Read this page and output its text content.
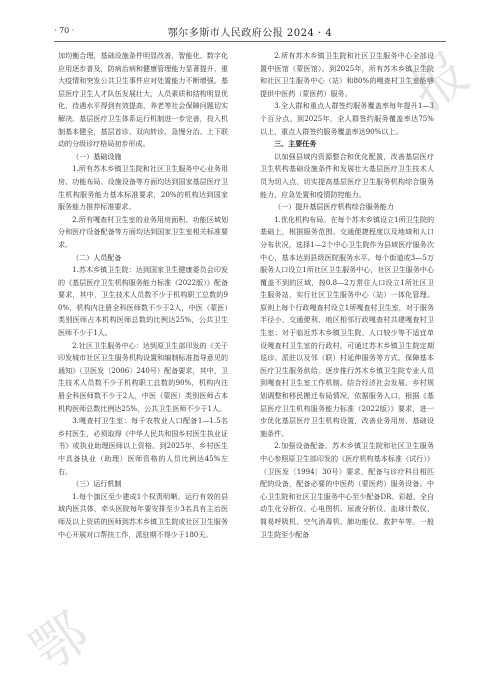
· 70 ·	鄂尔多斯市人民政府公报 2024 · 4
鄂
报

加均衡合理，基础设施条件明显改善，智能化、数字化应用逐步普及，防病治病和健康管理能力显著提升，重大疫情和突发公共卫生事件应对处置能力不断增强。基层医疗卫生人才队伍发展壮大，人员素质和结构明显优化，待遇水平得到有效提高，养老等社会保障问题切实解决。基层医疗卫生体系运行机制进一步完善，投入机制基本健全，基层首诊、双向转诊、急慢分治、上下联动的分级诊疗格局初步形成。

（一）基础设施

1.所有苏木乡镇卫生院和社区卫生服务中心业务用房、功能布局、设施设备等方面均达到国家基层医疗卫生机构服务能力基本标准要求，20%的机构达到国家服务能力推荐标准要求。

2.所有嘎查村卫生室的业务用房面积、功能区域划分和医疗设备配备等方面均达到国家卫生室相关标准要求。

（二）人员配备

1.苏木乡镇卫生院：达到国家卫生健康委员会印发的《基层医疗卫生机构服务能力标准（2022版）》配备要求，其中，卫生技术人员数不少于机构职工总数的90%，机构内注册全科医师数不少于2人，中医（蒙医）类别医师占本机构医师总数的比例达25%，公共卫生医师不少于1人。

2.社区卫生服务中心：达到原卫生部印发的《关于印发城市社区卫生服务机构设置和编制标准指导意见的通知》（卫医发〔2006〕240号）配备要求，其中，卫生技术人员数不少于机构职工总数的90%，机构内注册全科医师数不少于2人，中医（蒙医）类别医师占本机构医师总数比例达25%，公共卫生医师不少于1人。

3.嘎查村卫生室：每千农牧业人口配备1—1.5名乡村医生，必须取得《中华人民共和国乡村医生执业证书》或执业助理医师以上资格。到2025年，乡村医生中具备执业（助理）医师资格的人员比例达45%左右。

（三）运行机制

1.每个旗区至少建成1个权责明晰、运行有效的县域内医共体，牵头医院每年要安排至少3名具有主治医师及以上资质的医师到苏木乡镇卫生院或社区卫生服务中心开展对口帮扶工作，派驻期不得少于180天。

2.所有苏木乡镇卫生院和社区卫生服务中心全部设置中医馆（蒙医馆）。到2025年，所有苏木乡镇卫生院和社区卫生服务中心（站）和80%的嘎查村卫生室能够提供中医药（蒙医药）服务。

3.全人群和重点人群签约服务覆盖率每年提升1—3个百分点。到2025年，全人群签约服务覆盖率达75%以上，重点人群签约服务覆盖率达90%以上。

三、主要任务

以加强县域内资源整合和优化配置，改善基层医疗卫生机构基础设施条件和发展壮大基层医疗卫生技术人员为切入点，切实提高基层医疗卫生服务机构综合服务能力，应急处置和疫情防控能力。

（一）提升基层医疗机构综合服务能力

1.优化机构布局。在每个苏木乡镇设立1所卫生院的基础上，根据服务范围、交通便捷程度以及地域和人口分布状况，选择1—2个中心卫生院作为县域医疗服务次中心，基本达到县级医院服务水平。每个街道或3—5万服务人口设立1所社区卫生服务中心，社区卫生服务中心覆盖不到的区域，按0.8—2万常住人口设立1所社区卫生服务站，实行社区卫生服务中心（站）一体化管理。原则上每个行政嘎查村设立1所嘎查村卫生室，对于服务半径小、交通便利、地区相邻行政嘎查村共建嘎查村卫生室；对于临近苏木乡镇卫生院、人口较少等不适宜单设嘎查村卫生室的行政村，可通过苏木乡镇卫生院定期巡诊、派驻以及邻（联）村延伸服务等方式，保障基本医疗卫生服务供给。逐步推行苏木乡镇卫生院专业人员到嘎查村卫生室工作机制。结合经济社会发展、乡村规划调整和移民搬迁布局情况，依据服务人口，根据《基层医疗卫生机构服务能力标准（2022版）》要求，进一步优化基层医疗卫生机构设置，改善业务用房、基础设施条件。

2.加强设备配备。苏木乡镇卫生院和社区卫生服务中心参照原卫生部印发的《医疗机构基本标准（试行）》（卫医发〔1994〕30号）要求，配备与诊疗科目相匹配的设备，配备必要的中医药（蒙医药）服务设备。中心卫生院和社区卫生服务中心至少配备DR、彩超、全自动生化分析仪、心电图机、尿液分析仪、血球计数仪、简易呼吸机、空气消毒机、肺功能仪、救护车等。一般卫生院至少配备
